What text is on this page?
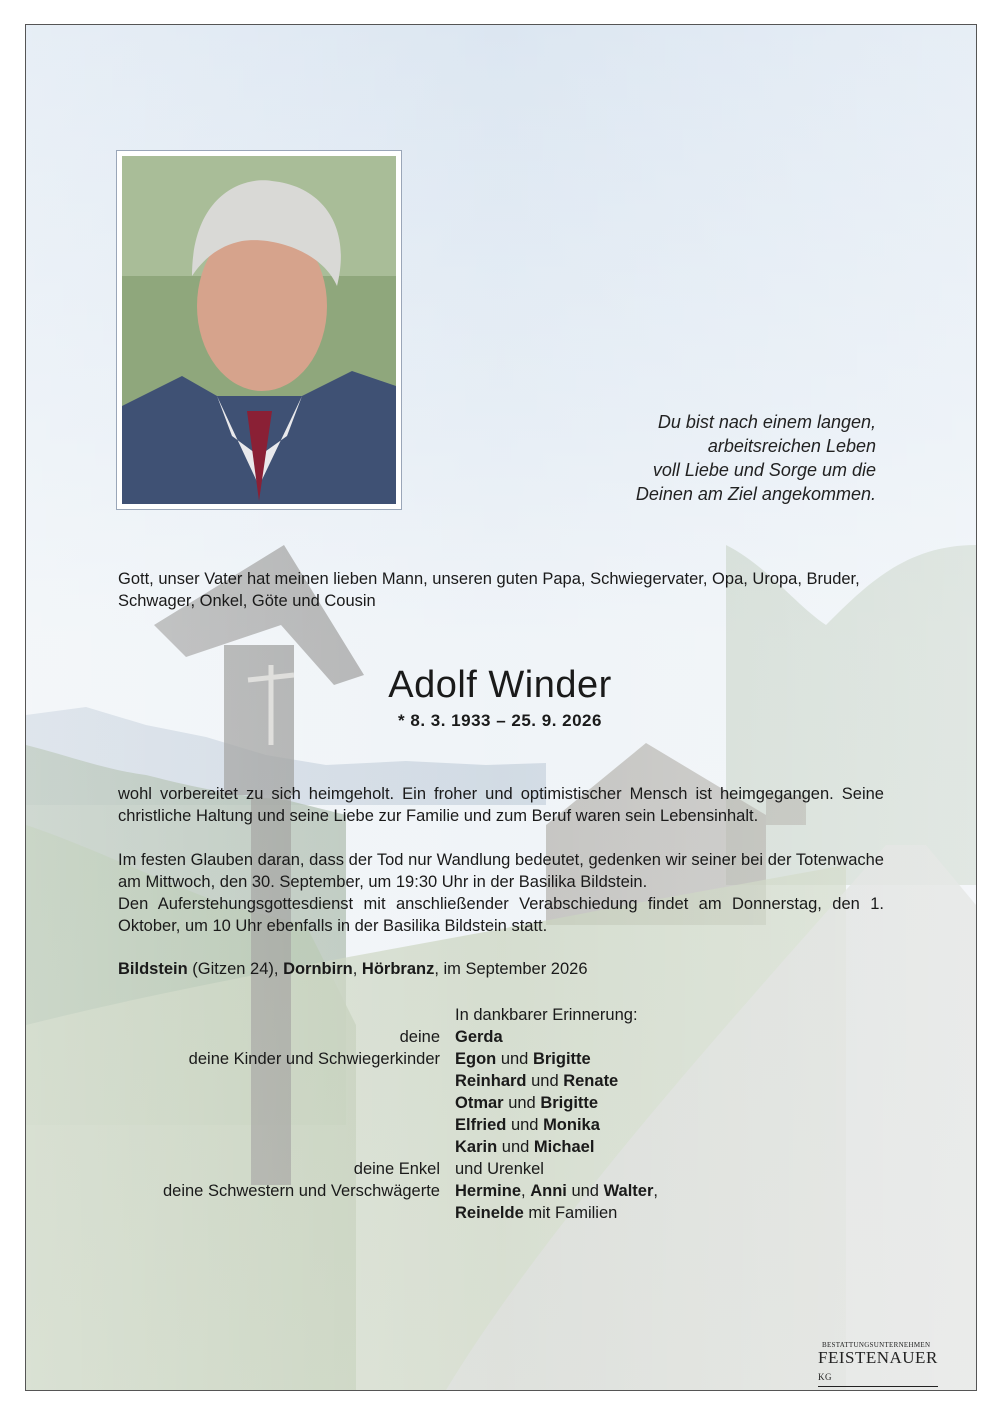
Du bist nach einem langen,
arbeitsreichen Leben
voll Liebe und Sorge um die
Deinen am Ziel angekommen.
Gott, unser Vater hat meinen lieben Mann, unseren guten Papa, Schwiegervater, Opa, Uropa, Bruder, Schwager, Onkel, Göte und Cousin
Adolf Winder
* 8. 3. 1933 – 25. 9. 2026

wohl vorbereitet zu sich heimgeholt. Ein froher und optimistischer Mensch ist heimgegangen. Seine christliche Haltung und seine Liebe zur Familie und zum Beruf waren sein Lebensinhalt.

Im festen Glauben daran, dass der Tod nur Wandlung bedeutet, gedenken wir seiner bei der Totenwache am Mittwoch, den 30. September, um 19:30 Uhr in der Basilika Bildstein.

Den Auferstehungsgottesdienst mit anschließender Verabschiedung findet am Donnerstag, den 1. Oktober, um 10 Uhr ebenfalls in der Basilika Bildstein statt.

Bildstein (Gitzen 24), Dornbirn, Hörbranz, im September 2026
In dankbarer Erinnerung:
deine Gerda
deine Kinder und Schwiegerkinder Egon und Brigitte
Reinhard und Renate
Otmar und Brigitte
Elfried und Monika
Karin und Michael
deine Enkel und Urenkel
deine Schwestern und Verschwägerte Hermine, Anni und Walter,
Reinelde mit Familien
BESTATTUNGSUNTERNEHMEN
FEISTENAUER KG
